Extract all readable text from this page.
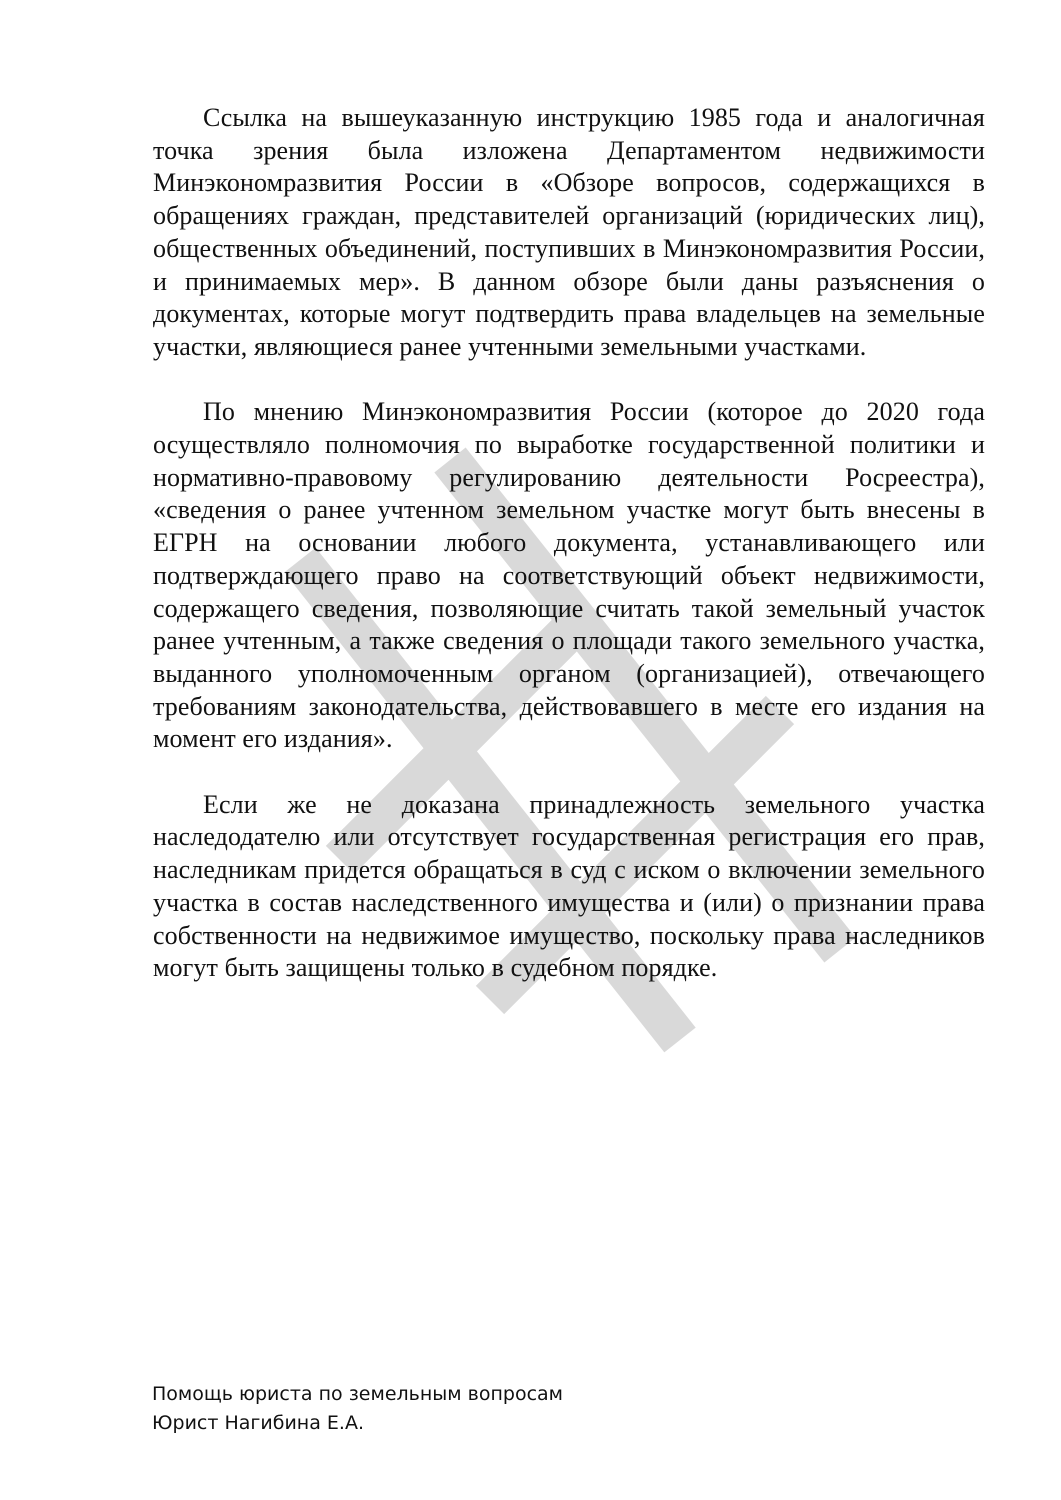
Ссылка на вышеуказанную инструкцию 1985 года и аналогичная точка зрения была изложена Департаментом недвижимости Минэкономразвития России в «Обзоре вопросов, содержащихся в обращениях граждан, представителей организаций (юридических лиц), общественных объединений, поступивших в Минэкономразвития России, и принимаемых мер». В данном обзоре были даны разъяснения о документах, которые могут подтвердить права владельцев на земельные участки, являющиеся ранее учтенными земельными участками.

По мнению Минэкономразвития России (которое до 2020 года осуществляло полномочия по выработке государственной политики и нормативно-правовому регулированию деятельности Росреестра), «сведения о ранее учтенном земельном участке могут быть внесены в ЕГРН на основании любого документа, устанавливающего или подтверждающего право на соответствующий объект недвижимости, содержащего сведения, позволяющие считать такой земельный участок ранее учтенным, а также сведения о площади такого земельного участка, выданного уполномоченным органом (организацией), отвечающего требованиям законодательства, действовавшего в месте его издания на момент его издания».

Если же не доказана принадлежность земельного участка наследодателю или отсутствует государственная регистрация его прав, наследникам придется обращаться в суд с иском о включении земельного участка в состав наследственного имущества и (или) о признании права собственности на недвижимое имущество, поскольку права наследников могут быть защищены только в судебном порядке.

Помощь юриста по земельным вопросам
Юрист Нагибина Е.А.
